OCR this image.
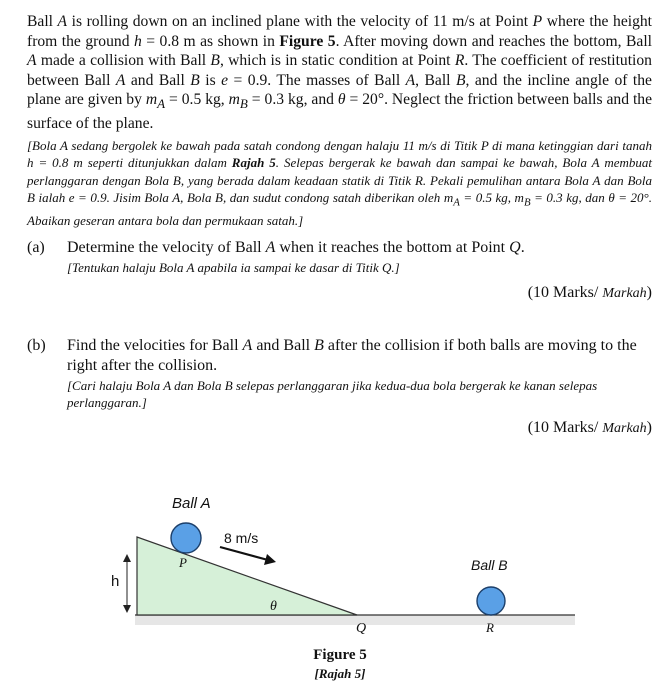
Ball A is rolling down on an inclined plane with the velocity of 11 m/s at Point P where the height from the ground h = 0.8 m as shown in Figure 5. After moving down and reaches the bottom, Ball A made a collision with Ball B, which is in static condition at Point R. The coefficient of restitution between Ball A and Ball B is e = 0.9. The masses of Ball A, Ball B, and the incline angle of the plane are given by $m_A = 0.5$ kg, $m_B = 0.3$ kg, and θ = 20°. Neglect the friction between balls and the surface of the plane.

[Bola A sedang bergolek ke bawah pada satah condong dengan halaju 11 m/s di Titik P di mana ketinggian dari tanah h = 0.8 m seperti ditunjukkan dalam Rajah 5. Selepas bergerak ke bawah dan sampai ke bawah, Bola A membuat perlanggaran dengan Bola B, yang berada dalam keadaan statik di Titik R. Pekali pemulihan antara Bola A dan Bola B ialah e = 0.9. Jisim Bola A, Bola B, dan sudut condong satah diberikan oleh $m_A = 0.5$ kg, $m_B = 0.3$ kg, dan θ = 20°. Abaikan geseran antara bola dan permukaan satah.]
(a) Determine the velocity of Ball A when it reaches the bottom at Point Q.
[Tentukan halaju Bola A apabila ia sampai ke dasar di Titik Q.]
(10 Marks/ Markah)
(b) Find the velocities for Ball A and Ball B after the collision if both balls are moving to the right after the collision.
[Cari halaju Bola A dan Bola B selepas perlanggaran jika kedua-dua bola bergerak ke kanan selepas perlanggaran.]
(10 Marks/ Markah)
Ball A
8 m/s
P
h
θ
Q
Ball B
R
Figure 5
[Rajah 5]
